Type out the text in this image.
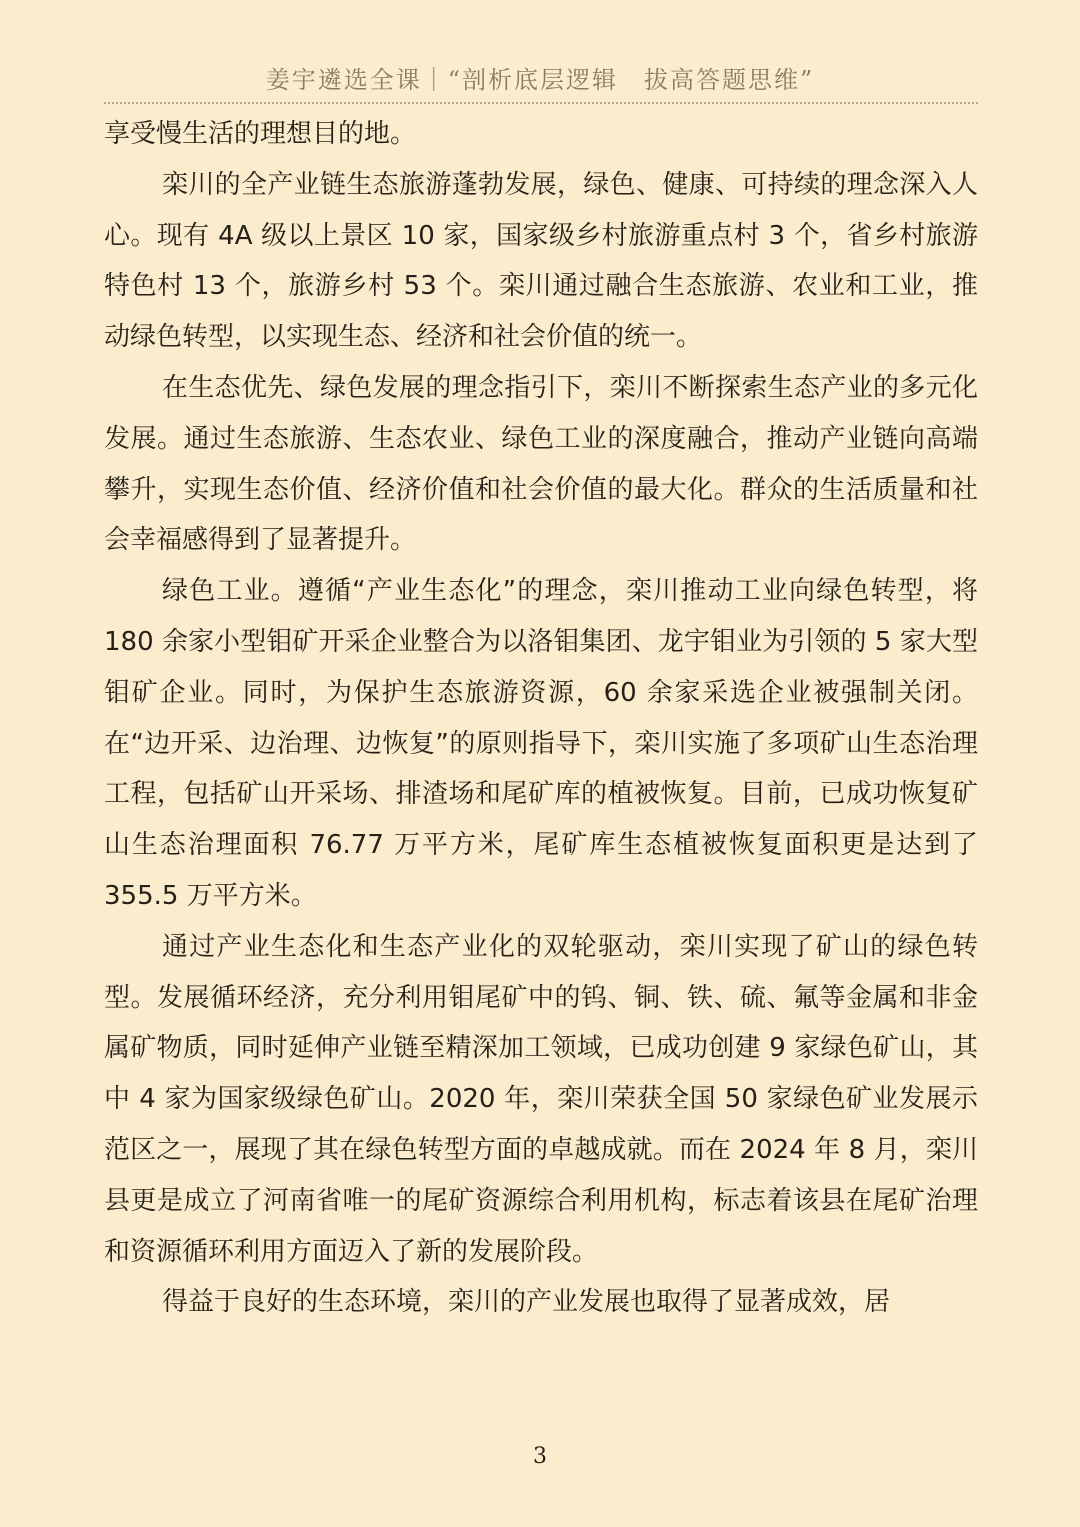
姜宇遴选全课｜“剖析底层逻辑　拔高答题思维”

享受慢生活的理想目的地。

栾川的全产业链生态旅游蓬勃发展，绿色、健康、可持续的理念深入人心。现有 4A 级以上景区 10 家，国家级乡村旅游重点村 3 个，省乡村旅游特色村 13 个，旅游乡村 53 个。栾川通过融合生态旅游、农业和工业，推动绿色转型，以实现生态、经济和社会价值的统一。

在生态优先、绿色发展的理念指引下，栾川不断探索生态产业的多元化发展。通过生态旅游、生态农业、绿色工业的深度融合，推动产业链向高端攀升，实现生态价值、经济价值和社会价值的最大化。群众的生活质量和社会幸福感得到了显著提升。

绿色工业。遵循“产业生态化”的理念，栾川推动工业向绿色转型，将 180 余家小型钼矿开采企业整合为以洛钼集团、龙宇钼业为引领的 5 家大型钼矿企业。同时，为保护生态旅游资源，60 余家采选企业被强制关闭。在“边开采、边治理、边恢复”的原则指导下，栾川实施了多项矿山生态治理工程，包括矿山开采场、排渣场和尾矿库的植被恢复。目前，已成功恢复矿山生态治理面积 76.77 万平方米，尾矿库生态植被恢复面积更是达到了 355.5 万平方米。

通过产业生态化和生态产业化的双轮驱动，栾川实现了矿山的绿色转型。发展循环经济，充分利用钼尾矿中的钨、铜、铁、硫、氟等金属和非金属矿物质，同时延伸产业链至精深加工领域，已成功创建 9 家绿色矿山，其中 4 家为国家级绿色矿山。2020 年，栾川荣获全国 50 家绿色矿业发展示范区之一，展现了其在绿色转型方面的卓越成就。而在 2024 年 8 月，栾川县更是成立了河南省唯一的尾矿资源综合利用机构，标志着该县在尾矿治理和资源循环利用方面迈入了新的发展阶段。

得益于良好的生态环境，栾川的产业发展也取得了显著成效，居

3
